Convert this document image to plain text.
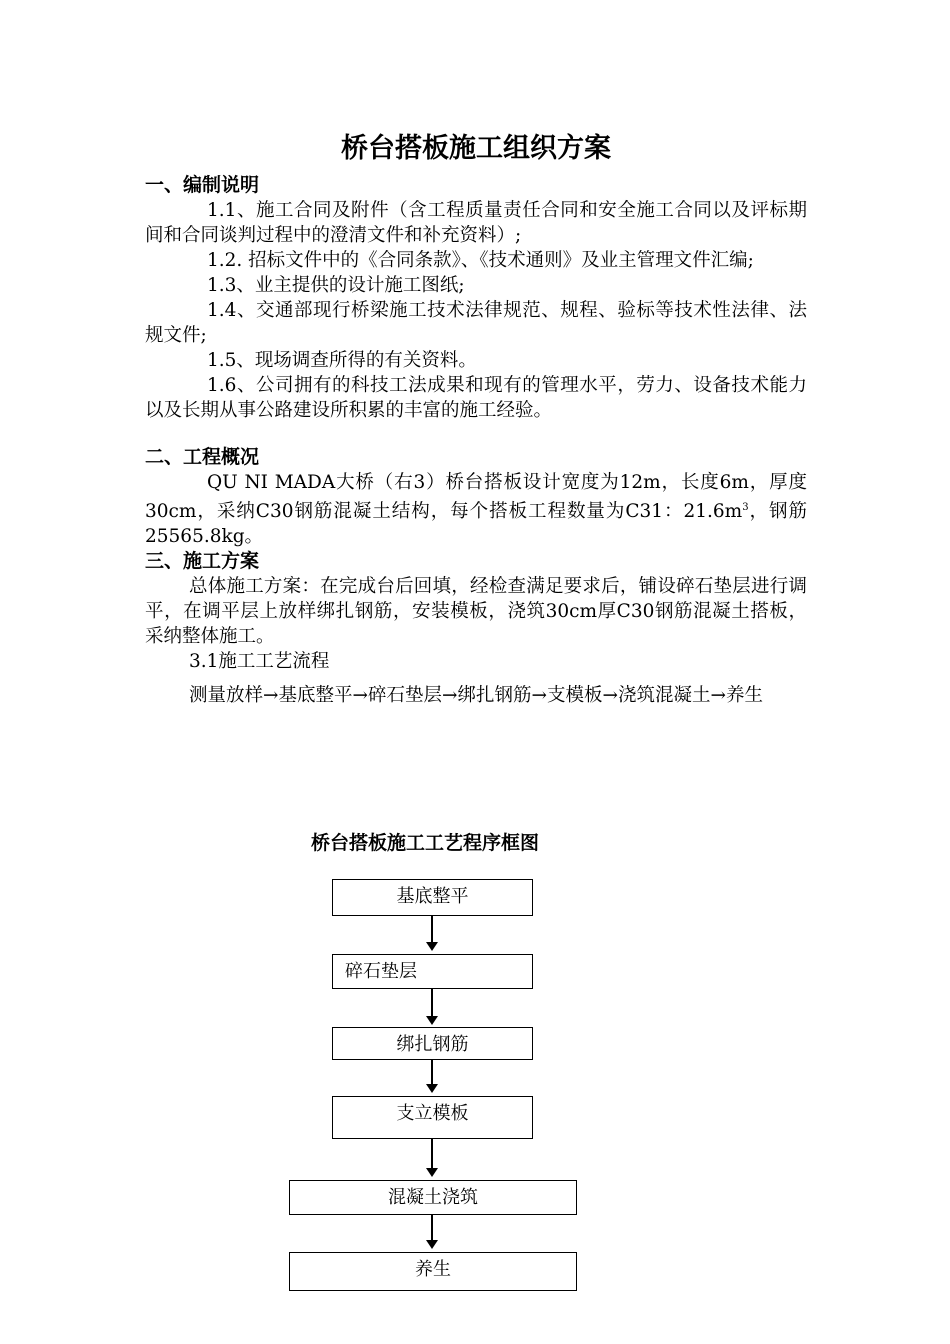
桥台搭板施工组织方案
一、编制说明
1.1、施工合同及附件（含工程质量责任合同和安全施工合同以及评标期间和合同谈判过程中的澄清文件和补充资料）;
1.2. 招标文件中的《合同条款》、《技术通则》及业主管理文件汇编;
1.3、业主提供的设计施工图纸;
1.4、交通部现行桥梁施工技术法律规范、规程、验标等技术性法律、法规文件;
1.5、现场调查所得的有关资料。
1.6、公司拥有的科技工法成果和现有的管理水平，劳力、设备技术能力以及长期从事公路建设所积累的丰富的施工经验。
二、工程概况
QU NI MADA大桥（右3）桥台搭板设计宽度为12m，长度6m，厚度30cm，采纳C30钢筋混凝土结构，每个搭板工程数量为C31：$21.6m^3$，钢筋25565.8kg。
三、施工方案
总体施工方案：在完成台后回填，经检查满足要求后，铺设碎石垫层进行调平，在调平层上放样绑扎钢筋，安装模板，浇筑30cm厚C30钢筋混凝土搭板，采纳整体施工。
3.1施工工艺流程
测量放样→基底整平→碎石垫层→绑扎钢筋→支模板→浇筑混凝土→养生
桥台搭板施工工艺程序框图
基底整平
碎石垫层
绑扎钢筋
支立模板
混凝土浇筑
养生
